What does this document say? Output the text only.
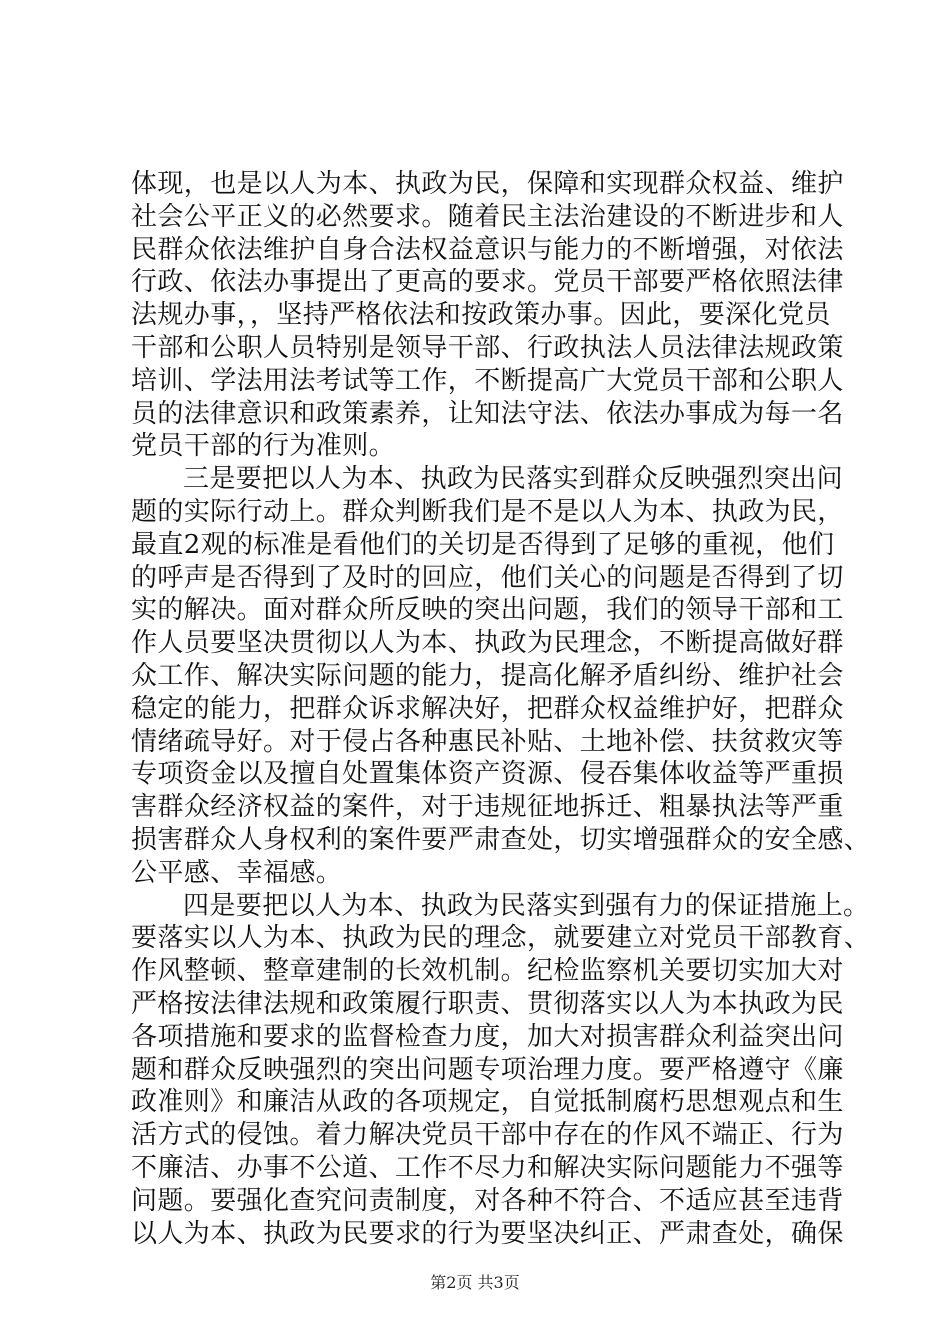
体现，也是以人为本、执政为民，保障和实现群众权益、维护
社会公平正义的必然要求。随着民主法治建设的不断进步和人
民群众依法维护自身合法权益意识与能力的不断增强，对依法
行政、依法办事提出了更高的要求。党员干部要严格依照法律
法规办事，，坚持严格依法和按政策办事。因此，要深化党员
干部和公职人员特别是领导干部、行政执法人员法律法规政策
培训、学法用法考试等工作，不断提高广大党员干部和公职人
员的法律意识和政策素养，让知法守法、依法办事成为每一名
党员干部的行为准则。
三是要把以人为本、执政为民落实到群众反映强烈突出问
题的实际行动上。群众判断我们是不是以人为本、执政为民，
最直2观的标准是看他们的关切是否得到了足够的重视，他们
的呼声是否得到了及时的回应，他们关心的问题是否得到了切
实的解决。面对群众所反映的突出问题，我们的领导干部和工
作人员要坚决贯彻以人为本、执政为民理念，不断提高做好群
众工作、解决实际问题的能力，提高化解矛盾纠纷、维护社会
稳定的能力，把群众诉求解决好，把群众权益维护好，把群众
情绪疏导好。对于侵占各种惠民补贴、土地补偿、扶贫救灾等
专项资金以及擅自处置集体资产资源、侵吞集体收益等严重损
害群众经济权益的案件，对于违规征地拆迁、粗暴执法等严重
损害群众人身权利的案件要严肃查处，切实增强群众的安全感、
公平感、幸福感。
四是要把以人为本、执政为民落实到强有力的保证措施上。
要落实以人为本、执政为民的理念，就要建立对党员干部教育、
作风整顿、整章建制的长效机制。纪检监察机关要切实加大对
严格按法律法规和政策履行职责、贯彻落实以人为本执政为民
各项措施和要求的监督检查力度，加大对损害群众利益突出问
题和群众反映强烈的突出问题专项治理力度。要严格遵守《廉
政准则》和廉洁从政的各项规定，自觉抵制腐朽思想观点和生
活方式的侵蚀。着力解决党员干部中存在的作风不端正、行为
不廉洁、办事不公道、工作不尽力和解决实际问题能力不强等
问题。要强化查究问责制度，对各种不符合、不适应甚至违背
以人为本、执政为民要求的行为要坚决纠正、严肃查处，确保
第2页 共3页
